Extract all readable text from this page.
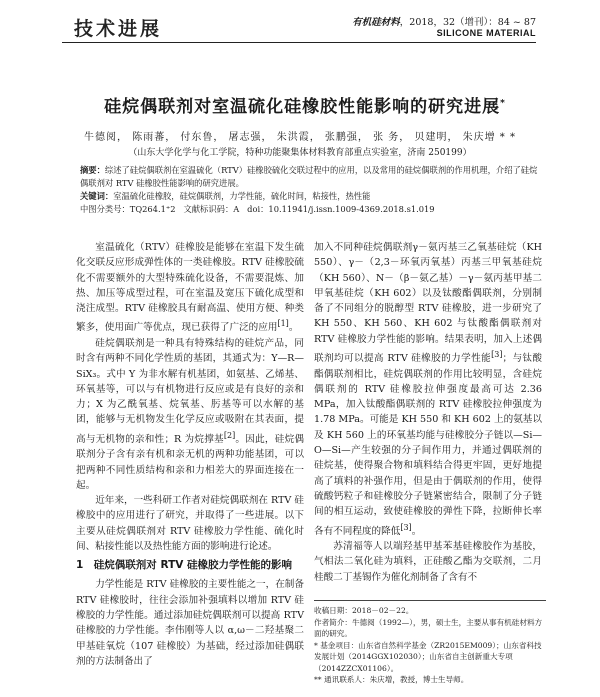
技术进展	有机硅材料，2018，32（增刊）：84 ~ 87
SILICONE MATERIAL
硅烷偶联剂对室温硫化硅橡胶性能影响的研究进展*
牛德阅， 陈雨蕃， 付东鲁， 屠志强， 朱洪霞， 张鹏强， 张 务， 贝建明， 朱庆增 * *
（山东大学化学与化工学院，特种功能聚集体材料教育部重点实验室，济南 250199）

摘要：综述了硅烷偶联剂在室温硫化（RTV）硅橡胶硫化交联过程中的应用，以及常用的硅烷偶联剂的作用机理，介绍了硅烷偶联剂对 RTV 硅橡胶性能影响的研究进展。

关键词：室温硫化硅橡胶，硅烷偶联剂，力学性能，硫化时间，粘接性，热性能

中图分类号：TQ264.1⁺2 文献标识码：A doi：10.11941/j.issn.1009-4369.2018.s1.019

室温硫化（RTV）硅橡胶是能够在室温下发生硫化交联反应形成弹性体的一类硅橡胶。RTV 硅橡胶硫化不需要额外的大型特殊硫化设备，不需要混炼、加热、加压等成型过程，可在室温及宽压下硫化成型和浇注成型。RTV 硅橡胶具有耐高温、使用方便、种类繁多，使用面广等优点，现已获得了广泛的应用[1]。

硅烷偶联剂是一种具有特殊结构的硅烷产品，同时含有两种不同化学性质的基团，其通式为：Y—R—SiX₃。式中 Y 为非水解有机基团，如氨基、乙烯基、环氧基等，可以与有机物进行反应或是有良好的亲和力；X 为乙酰氧基、烷氧基、肟基等可以水解的基团，能够与无机物发生化学反应或吸附在其表面，提高与无机物的亲和性；R 为烷撑基[2]。因此，硅烷偶联剂分子含有亲有机和亲无机的两种功能基团，可以把两种不同性质结构和亲和力相差大的界面连接在一起。

近年来，一些科研工作者对硅烷偶联剂在 RTV 硅橡胶中的应用进行了研究，并取得了一些进展。以下主要从硅烷偶联剂对 RTV 硅橡胶力学性能、硫化时间、粘接性能以及热性能方面的影响进行论述。

1　硅烷偶联剂对 RTV 硅橡胶力学性能的影响

力学性能是 RTV 硅橡胶的主要性能之一，在制备 RTV 硅橡胶时，往往会添加补强填料以增加 RTV 硅橡胶的力学性能。通过添加硅烷偶联剂可以提高 RTV 硅橡胶的力学性能。李伟刚等人以 α,ω－二羟基聚二甲基硅氧烷（107 硅橡胶）为基础，经过添加硅偶联剂的方法制备出了

加入不同种硅烷偶联剂γ－氨丙基三乙氧基硅烷（KH 550）、γ－（2,3－环氧丙氧基）丙基三甲氧基硅烷（KH 560）、N－（β－氨乙基）－γ－氨丙基甲基二甲氧基硅烷（KH 602）以及钛酸酯偶联剂，分别制备了不同组分的脱醇型 RTV 硅橡胶，进一步研究了 KH 550、KH 560、KH 602 与钛酸酯偶联剂对 RTV 硅橡胶力学性能的影响。结果表明，加入上述偶联剂均可以提高 RTV 硅橡胶的力学性能[3]；与钛酸酯偶联剂相比，硅烷偶联剂的作用比较明显，含硅烷偶联剂的 RTV 硅橡胶拉伸强度最高可达 2.36 MPa，加入钛酸酯偶联剂的 RTV 硅橡胶拉伸强度为 1.78 MPa。可能是 KH 550 和 KH 602 上的氨基以及 KH 560 上的环氧基均能与硅橡胶分子链以—Si—O—Si—产生较强的分子间作用力，并通过偶联剂的硅烷基，使得聚合物和填料结合得更牢固，更好地提高了填料的补强作用，但是由于偶联剂的作用，使得硫酸钙粒子和硅橡胶分子链紧密结合，限制了分子链间的相互运动，致使硅橡胶的弹性下降，拉断伸长率各有不同程度的降低[3]。

苏清福等人以端羟基甲基苯基硅橡胶作为基胶，气相法二氧化硅为填料，正硅酸乙酯为交联剂，二月桂酸二丁基锡作为催化剂制备了含有不

收稿日期：2018－02－22。

作者简介：牛德阅（1992—），男，硕士生，主要从事有机硅材料方面的研究。

* 基金项目：山东省自然科学基金（ZR2015EM009）；山东省科技发展计划（2014GGX102030）；山东省自主创新重大专项（2014ZZCX01106）。

** 通讯联系人：朱庆增，教授，博士生导师。
